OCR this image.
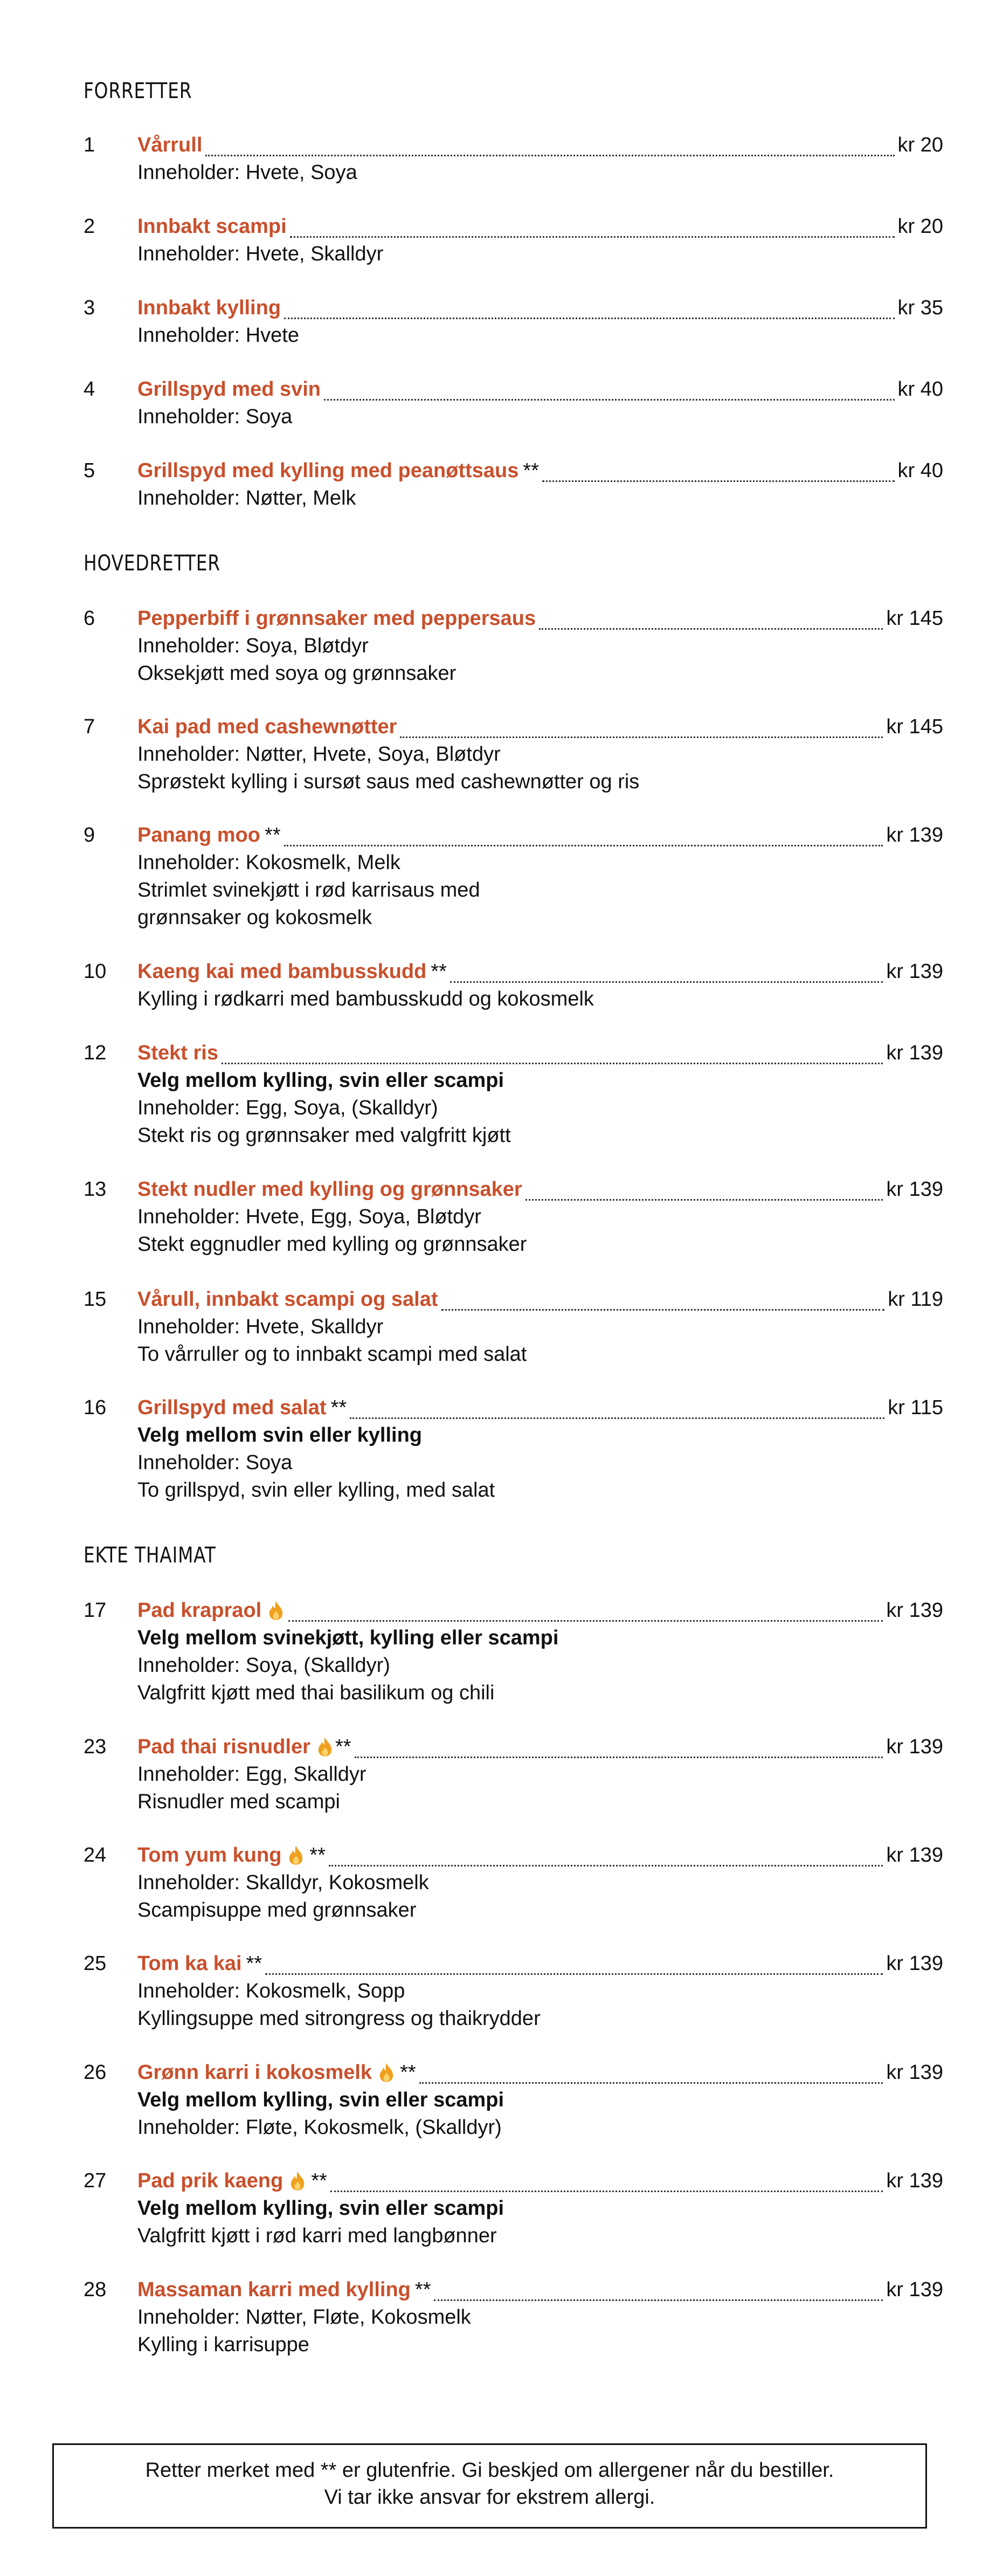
FORRETTER
1 Vårrull	kr 20
Inneholder: Hvete, Soya
2 Innbakt scampi	kr 20
Inneholder: Hvete, Skalldyr
3 Innbakt kylling	kr 35
Inneholder: Hvete
4 Grillspyd med svin	kr 40
Inneholder: Soya
5 Grillspyd med kylling med peanøttsaus **	kr 40
Inneholder: Nøtter, Melk
HOVEDRETTER
6 Pepperbiff i grønnsaker med peppersaus	kr 145
Inneholder: Soya, Bløtdyr
Oksekjøtt med soya og grønnsaker
7 Kai pad med cashewnøtter	kr 145
Inneholder: Nøtter, Hvete, Soya, Bløtdyr
Sprøstekt kylling i sursøt saus med cashewnøtter og ris
9 Panang moo **	kr 139
Inneholder: Kokosmelk, Melk
Strimlet svinekjøtt i rød karrisaus med
grønnsaker og kokosmelk
10 Kaeng kai med bambusskudd **	kr 139
Kylling i rødkarri med bambusskudd og kokosmelk
12 Stekt ris	kr 139
Velg mellom kylling, svin eller scampi
Inneholder: Egg, Soya, (Skalldyr)
Stekt ris og grønnsaker med valgfritt kjøtt
13 Stekt nudler med kylling og grønnsaker	kr 139
Inneholder: Hvete, Egg, Soya, Bløtdyr
Stekt eggnudler med kylling og grønnsaker
15 Vårull, innbakt scampi og salat	kr 119
Inneholder: Hvete, Skalldyr
To vårruller og to innbakt scampi med salat
16 Grillspyd med salat **	kr 115
Velg mellom svin eller kylling
Inneholder: Soya
To grillspyd, svin eller kylling, med salat
EKTE THAIMAT
17 Pad krapraol	kr 139
Velg mellom svinekjøtt, kylling eller scampi
Inneholder: Soya, (Skalldyr)
Valgfritt kjøtt med thai basilikum og chili
23 Pad thai risnudler **	kr 139
Inneholder: Egg, Skalldyr
Risnudler med scampi
24 Tom yum kung **	kr 139
Inneholder: Skalldyr, Kokosmelk
Scampisuppe med grønnsaker
25 Tom ka kai **	kr 139
Inneholder: Kokosmelk, Sopp
Kyllingsuppe med sitrongress og thaikrydder
26 Grønn karri i kokosmelk **	kr 139
Velg mellom kylling, svin eller scampi
Inneholder: Fløte, Kokosmelk, (Skalldyr)
27 Pad prik kaeng **	kr 139
Velg mellom kylling, svin eller scampi
Valgfritt kjøtt i rød karri med langbønner
28 Massaman karri med kylling **	kr 139
Inneholder: Nøtter, Fløte, Kokosmelk
Kylling i karrisuppe
Retter merket med ** er glutenfrie. Gi beskjed om allergener når du bestiller.
Vi tar ikke ansvar for ekstrem allergi.
